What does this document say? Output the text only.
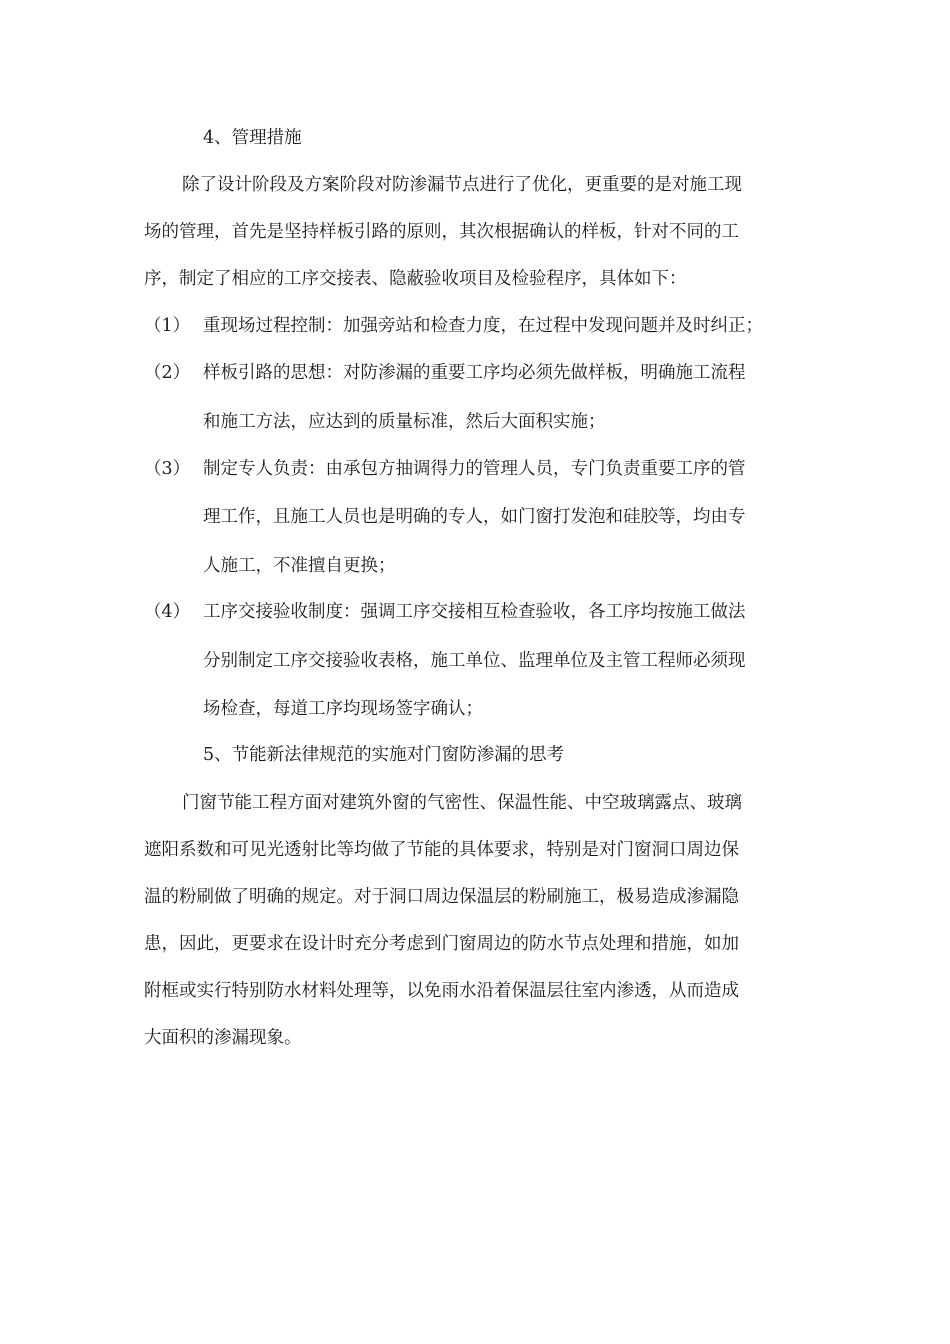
4、管理措施
除了设计阶段及方案阶段对防渗漏节点进行了优化，更重要的是对施工现
场的管理，首先是坚持样板引路的原则，其次根据确认的样板，针对不同的工
序，制定了相应的工序交接表、隐蔽验收项目及检验程序，具体如下：
（1） 重现场过程控制：加强旁站和检查力度，在过程中发现问题并及时纠正；
（2） 样板引路的思想：对防渗漏的重要工序均必须先做样板，明确施工流程
和施工方法，应达到的质量标准，然后大面积实施；
（3） 制定专人负责：由承包方抽调得力的管理人员，专门负责重要工序的管
理工作，且施工人员也是明确的专人，如门窗打发泡和硅胶等，均由专
人施工，不准擅自更换；
（4） 工序交接验收制度：强调工序交接相互检查验收，各工序均按施工做法
分别制定工序交接验收表格，施工单位、监理单位及主管工程师必须现
场检查，每道工序均现场签字确认；
5、节能新法律规范的实施对门窗防渗漏的思考
门窗节能工程方面对建筑外窗的气密性、保温性能、中空玻璃露点、玻璃
遮阳系数和可见光透射比等均做了节能的具体要求，特别是对门窗洞口周边保
温的粉刷做了明确的规定。对于洞口周边保温层的粉刷施工，极易造成渗漏隐
患，因此，更要求在设计时充分考虑到门窗周边的防水节点处理和措施，如加
附框或实行特别防水材料处理等，以免雨水沿着保温层往室内渗透，从而造成
大面积的渗漏现象。
